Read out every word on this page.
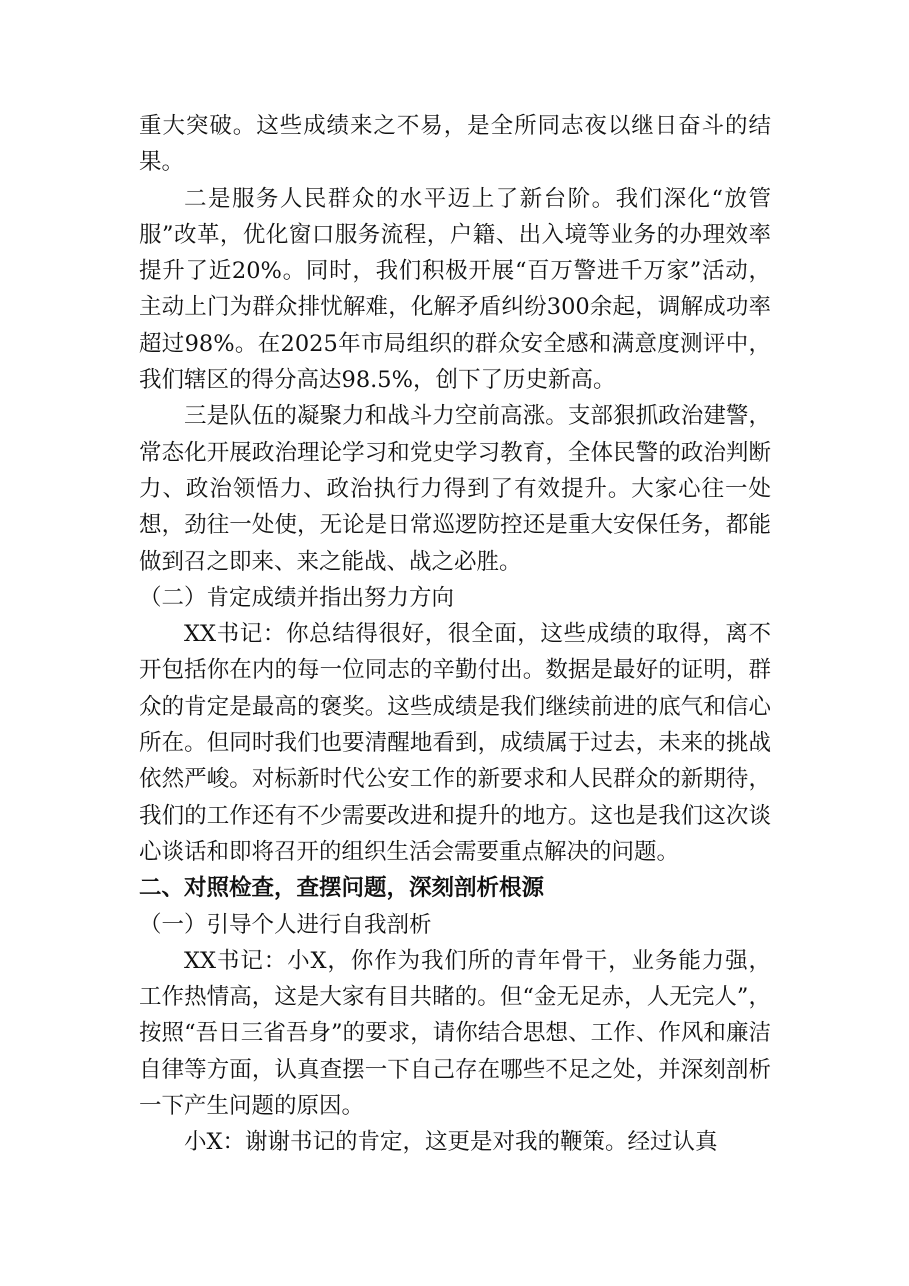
重大突破。这些成绩来之不易，是全所同志夜以继日奋斗的结果。

二是服务人民群众的水平迈上了新台阶。我们深化“放管服”改革，优化窗口服务流程，户籍、出入境等业务的办理效率提升了近20%。同时，我们积极开展“百万警进千万家”活动，主动上门为群众排忧解难，化解矛盾纠纷300余起，调解成功率超过98%。在2025年市局组织的群众安全感和满意度测评中，我们辖区的得分高达98.5%，创下了历史新高。

三是队伍的凝聚力和战斗力空前高涨。支部狠抓政治建警，常态化开展政治理论学习和党史学习教育，全体民警的政治判断力、政治领悟力、政治执行力得到了有效提升。大家心往一处想，劲往一处使，无论是日常巡逻防控还是重大安保任务，都能做到召之即来、来之能战、战之必胜。

（二）肯定成绩并指出努力方向

XX书记：你总结得很好，很全面，这些成绩的取得，离不开包括你在内的每一位同志的辛勤付出。数据是最好的证明，群众的肯定是最高的褒奖。这些成绩是我们继续前进的底气和信心所在。但同时我们也要清醒地看到，成绩属于过去，未来的挑战依然严峻。对标新时代公安工作的新要求和人民群众的新期待，我们的工作还有不少需要改进和提升的地方。这也是我们这次谈心谈话和即将召开的组织生活会需要重点解决的问题。

二、对照检查，查摆问题，深刻剖析根源

（一）引导个人进行自我剖析

XX书记：小X，你作为我们所的青年骨干，业务能力强，工作热情高，这是大家有目共睹的。但“金无足赤，人无完人”，按照“吾日三省吾身”的要求，请你结合思想、工作、作风和廉洁自律等方面，认真查摆一下自己存在哪些不足之处，并深刻剖析一下产生问题的原因。

小X：谢谢书记的肯定，这更是对我的鞭策。经过认真
